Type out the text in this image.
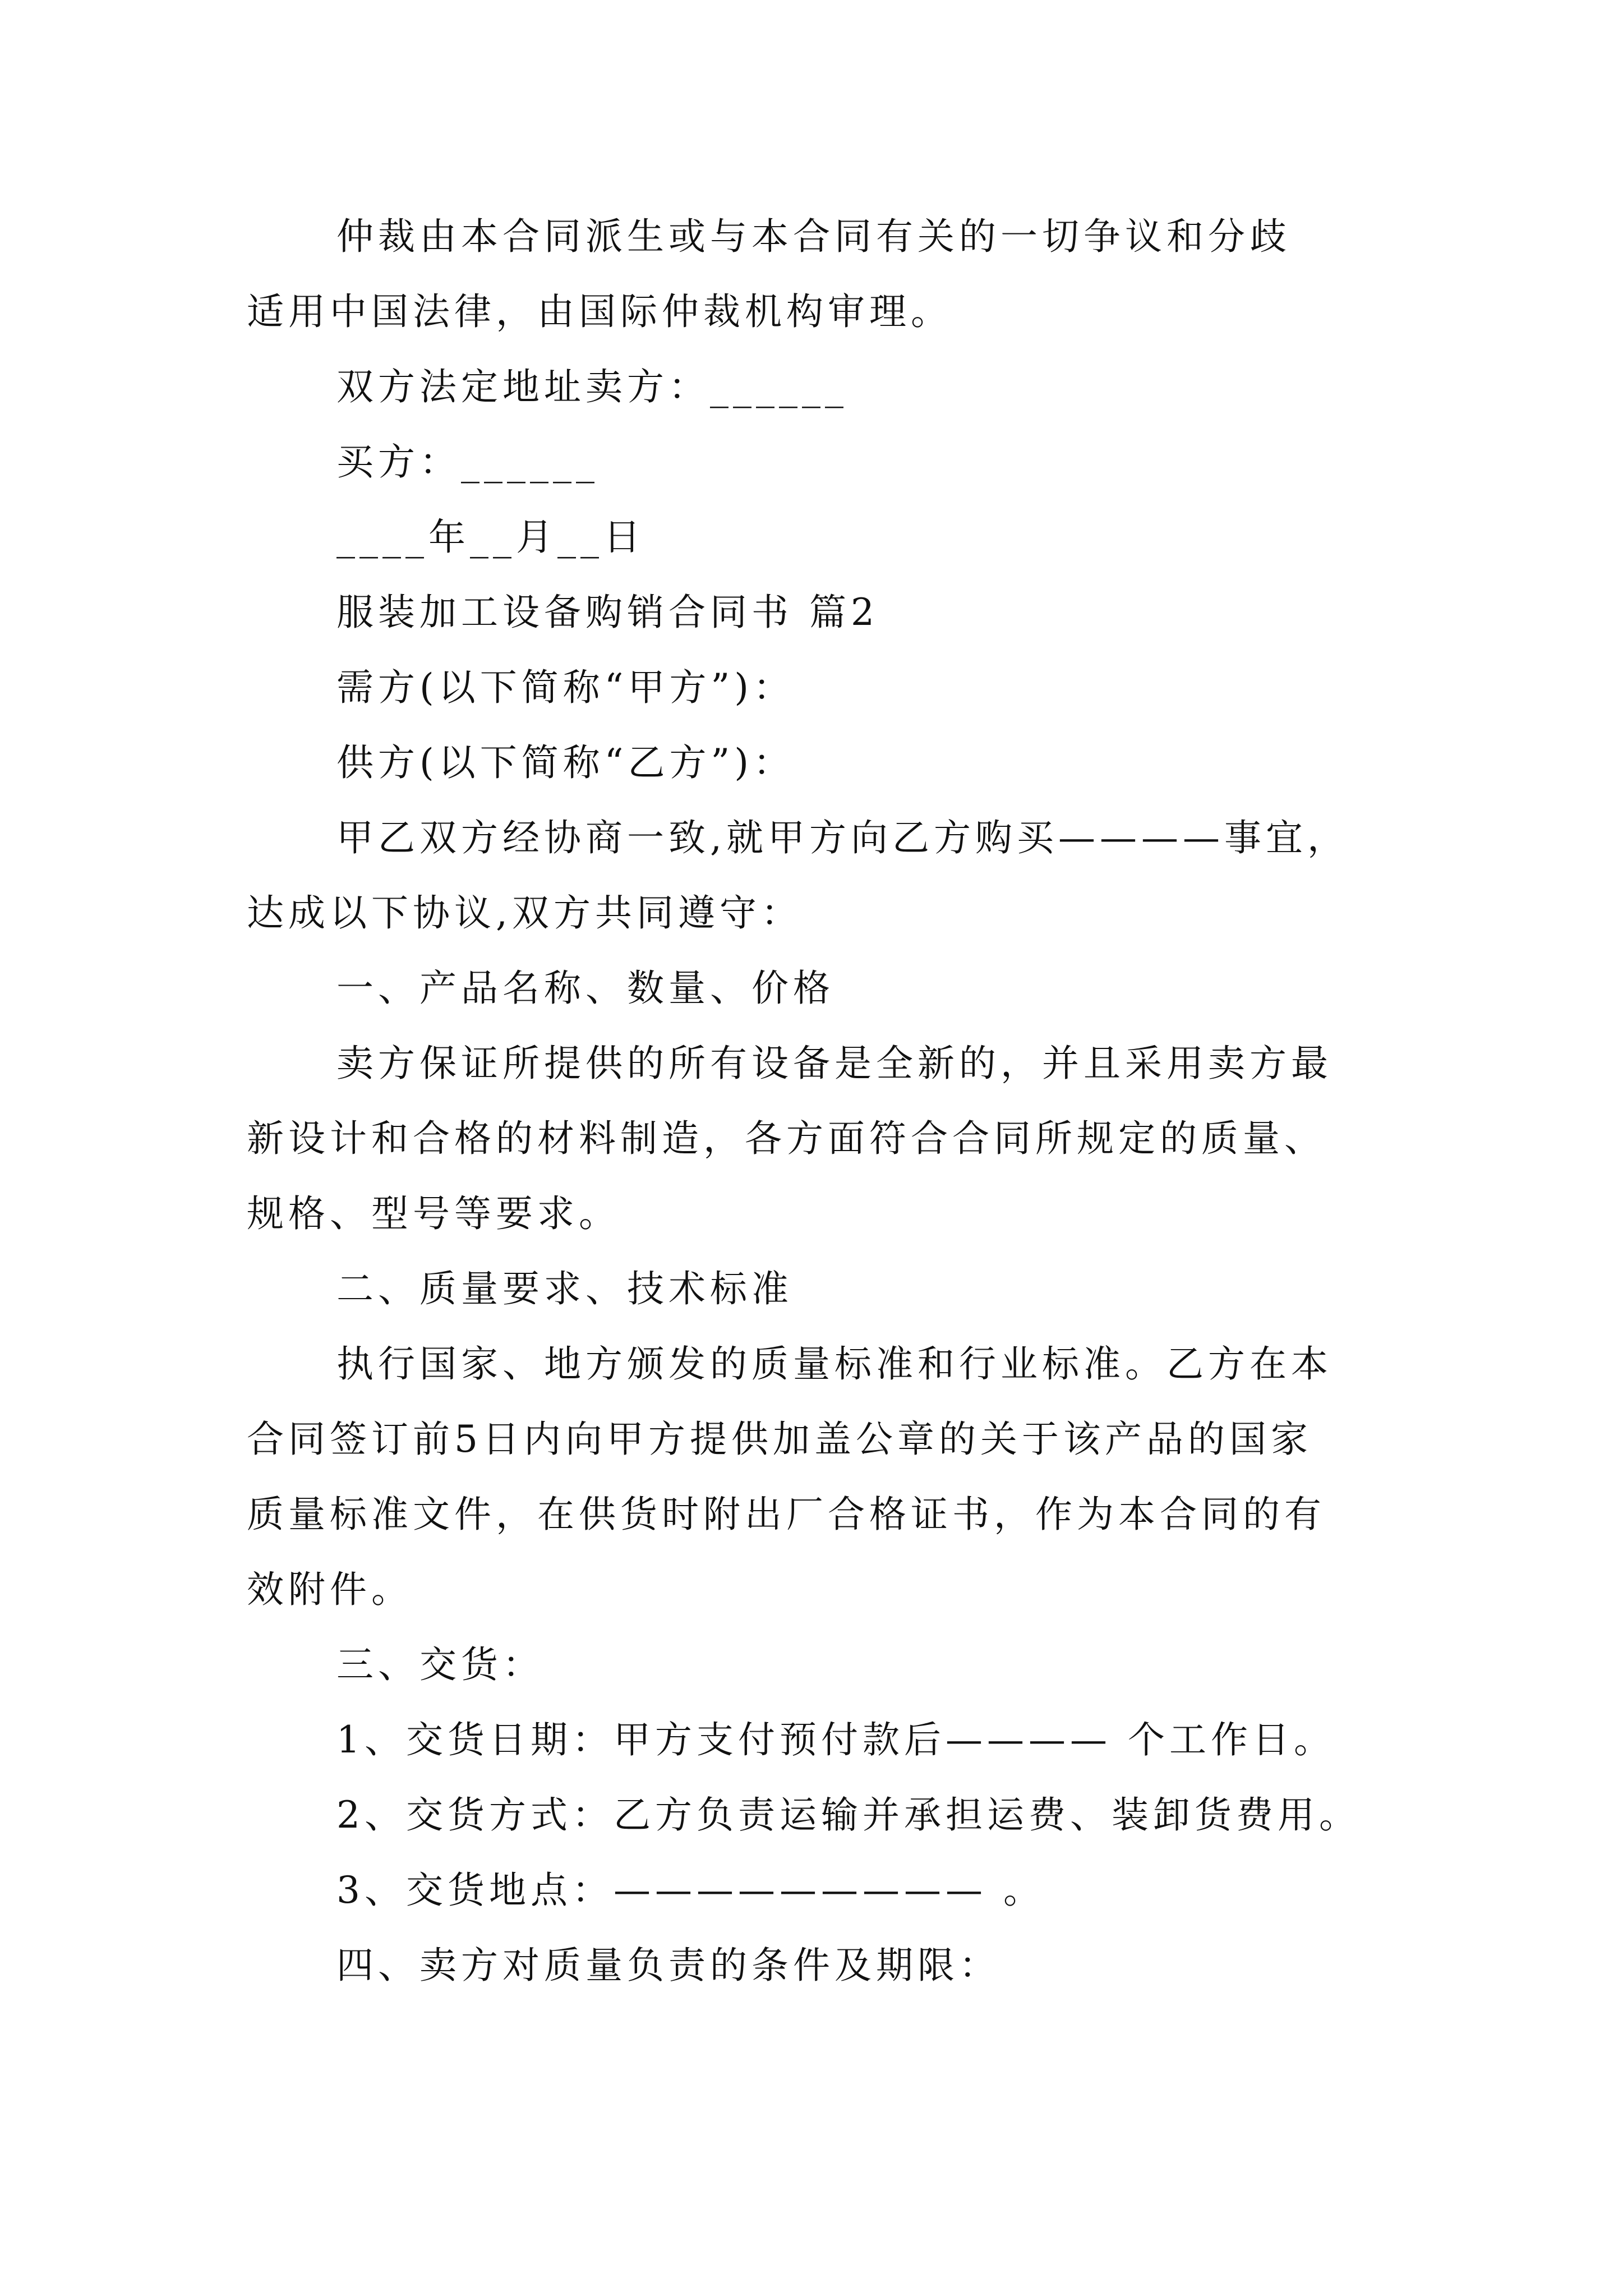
仲裁由本合同派生或与本合同有关的一切争议和分歧
适用中国法律，由国际仲裁机构审理。
双方法定地址卖方：______
买方：______
____年__月__日
服装加工设备购销合同书 篇2
需方(以下简称“甲方”)：
供方(以下简称“乙方”)：
甲乙双方经协商一致,就甲方向乙方购买————事宜，
达成以下协议,双方共同遵守：
一、产品名称、数量、价格
卖方保证所提供的所有设备是全新的，并且采用卖方最
新设计和合格的材料制造，各方面符合合同所规定的质量、
规格、型号等要求。
二、质量要求、技术标准
执行国家、地方颁发的质量标准和行业标准。乙方在本
合同签订前5日内向甲方提供加盖公章的关于该产品的国家
质量标准文件，在供货时附出厂合格证书，作为本合同的有
效附件。
三、交货：
1、交货日期：甲方支付预付款后———— 个工作日。
2、交货方式：乙方负责运输并承担运费、装卸货费用。
3、交货地点：————————— 。
四、卖方对质量负责的条件及期限：
